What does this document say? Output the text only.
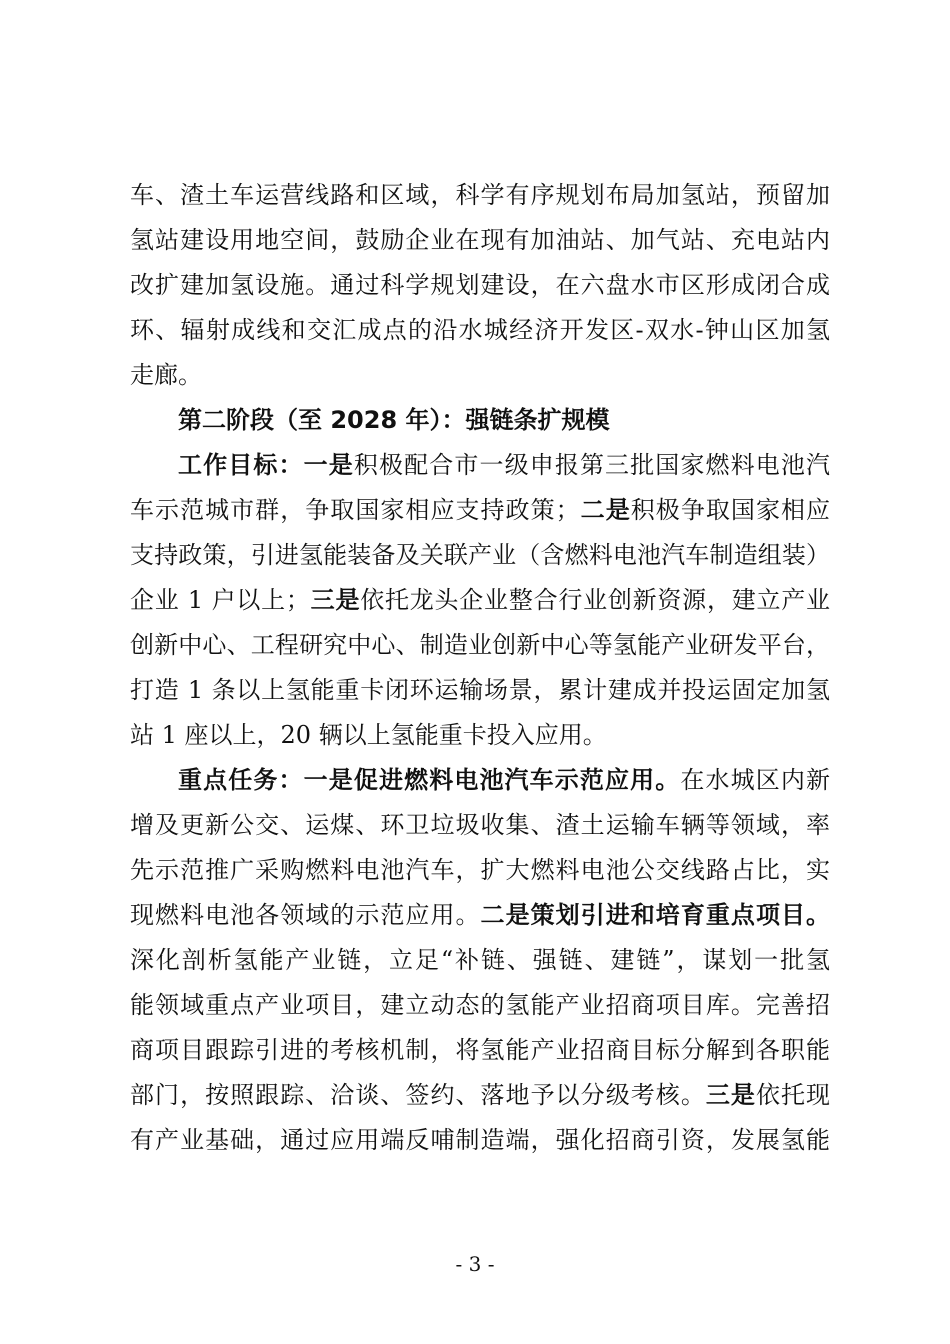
车、渣土车运营线路和区域，科学有序规划布局加氢站，预留加
氢站建设用地空间，鼓励企业在现有加油站、加气站、充电站内
改扩建加氢设施。通过科学规划建设，在六盘水市区形成闭合成
环、辐射成线和交汇成点的沿水城经济开发区-双水-钟山区加氢
走廊。
第二阶段（至 2028 年）：强链条扩规模
工作目标：一是积极配合市一级申报第三批国家燃料电池汽
车示范城市群，争取国家相应支持政策；二是积极争取国家相应
支持政策，引进氢能装备及关联产业（含燃料电池汽车制造组装）
企业 1 户以上；三是依托龙头企业整合行业创新资源，建立产业
创新中心、工程研究中心、制造业创新中心等氢能产业研发平台，
打造 1 条以上氢能重卡闭环运输场景，累计建成并投运固定加氢
站 1 座以上，20 辆以上氢能重卡投入应用。
重点任务：一是促进燃料电池汽车示范应用。在水城区内新
增及更新公交、运煤、环卫垃圾收集、渣土运输车辆等领域，率
先示范推广采购燃料电池汽车，扩大燃料电池公交线路占比，实
现燃料电池各领域的示范应用。二是策划引进和培育重点项目。
深化剖析氢能产业链，立足“补链、强链、建链”，谋划一批氢
能领域重点产业项目，建立动态的氢能产业招商项目库。完善招
商项目跟踪引进的考核机制，将氢能产业招商目标分解到各职能
部门，按照跟踪、洽谈、签约、落地予以分级考核。三是依托现
有产业基础，通过应用端反哺制造端，强化招商引资，发展氢能
- 3 -
